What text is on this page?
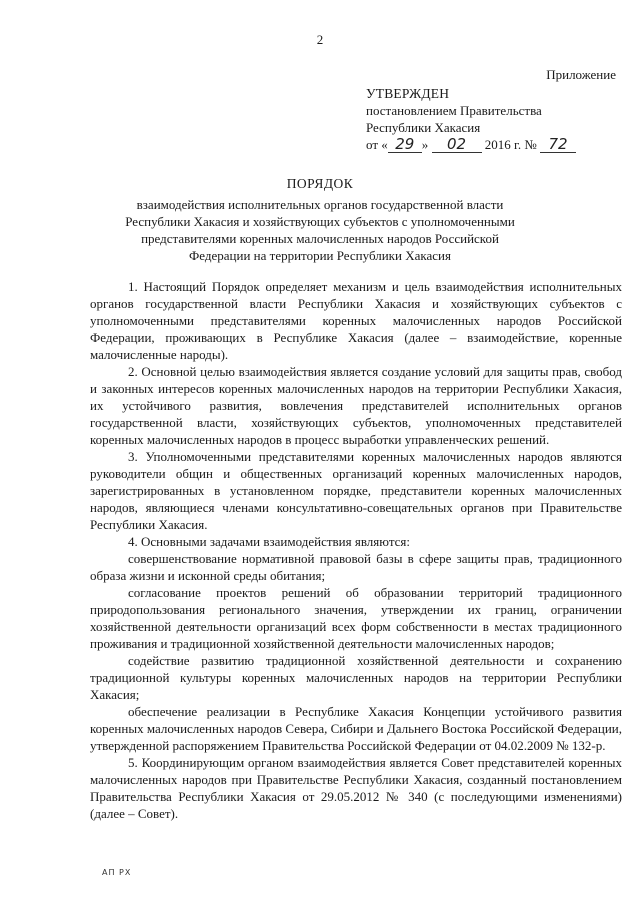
2
Приложение
УТВЕРЖДЕН
постановлением Правительства
Республики Хакасия
от « 29 » 02 2016 г. № 72
ПОРЯДОК
взаимодействия исполнительных органов государственной власти Республики Хакасия и хозяйствующих субъектов с уполномоченными представителями коренных малочисленных народов Российской Федерации на территории Республики Хакасия

1. Настоящий Порядок определяет механизм и цель взаимодействия исполнительных органов государственной власти Республики Хакасия и хозяйствующих субъектов с уполномоченными представителями коренных малочисленных народов Российской Федерации, проживающих в Республике Хакасия (далее – взаимодействие, коренные малочисленные народы).

2. Основной целью взаимодействия является создание условий для защиты прав, свобод и законных интересов коренных малочисленных народов на территории Республики Хакасия, их устойчивого развития, вовлечения представителей исполнительных органов государственной власти, хозяйствующих субъектов, уполномоченных представителей коренных малочисленных народов в процесс выработки управленческих решений.

3. Уполномоченными представителями коренных малочисленных народов являются руководители общин и общественных организаций коренных малочисленных народов, зарегистрированных в установленном порядке, представители коренных малочисленных народов, являющиеся членами консультативно-совещательных органов при Правительстве Республики Хакасия.

4. Основными задачами взаимодействия являются:

совершенствование нормативной правовой базы в сфере защиты прав, традиционного образа жизни и исконной среды обитания;

согласование проектов решений об образовании территорий традиционного природопользования регионального значения, утверждении их границ, ограничении хозяйственной деятельности организаций всех форм собственности в местах традиционного проживания и традиционной хозяйственной деятельности малочисленных народов;

содействие развитию традиционной хозяйственной деятельности и сохранению традиционной культуры коренных малочисленных народов на территории Республики Хакасия;

обеспечение реализации в Республике Хакасия Концепции устойчивого развития коренных малочисленных народов Севера, Сибири и Дальнего Востока Российской Федерации, утвержденной распоряжением Правительства Российской Федерации от 04.02.2009 № 132-р.

5. Координирующим органом взаимодействия является Совет представителей коренных малочисленных народов при Правительстве Республики Хакасия, созданный постановлением Правительства Республики Хакасия от 29.05.2012 № 340 (с последующими изменениями) (далее – Совет).

АП РХ
